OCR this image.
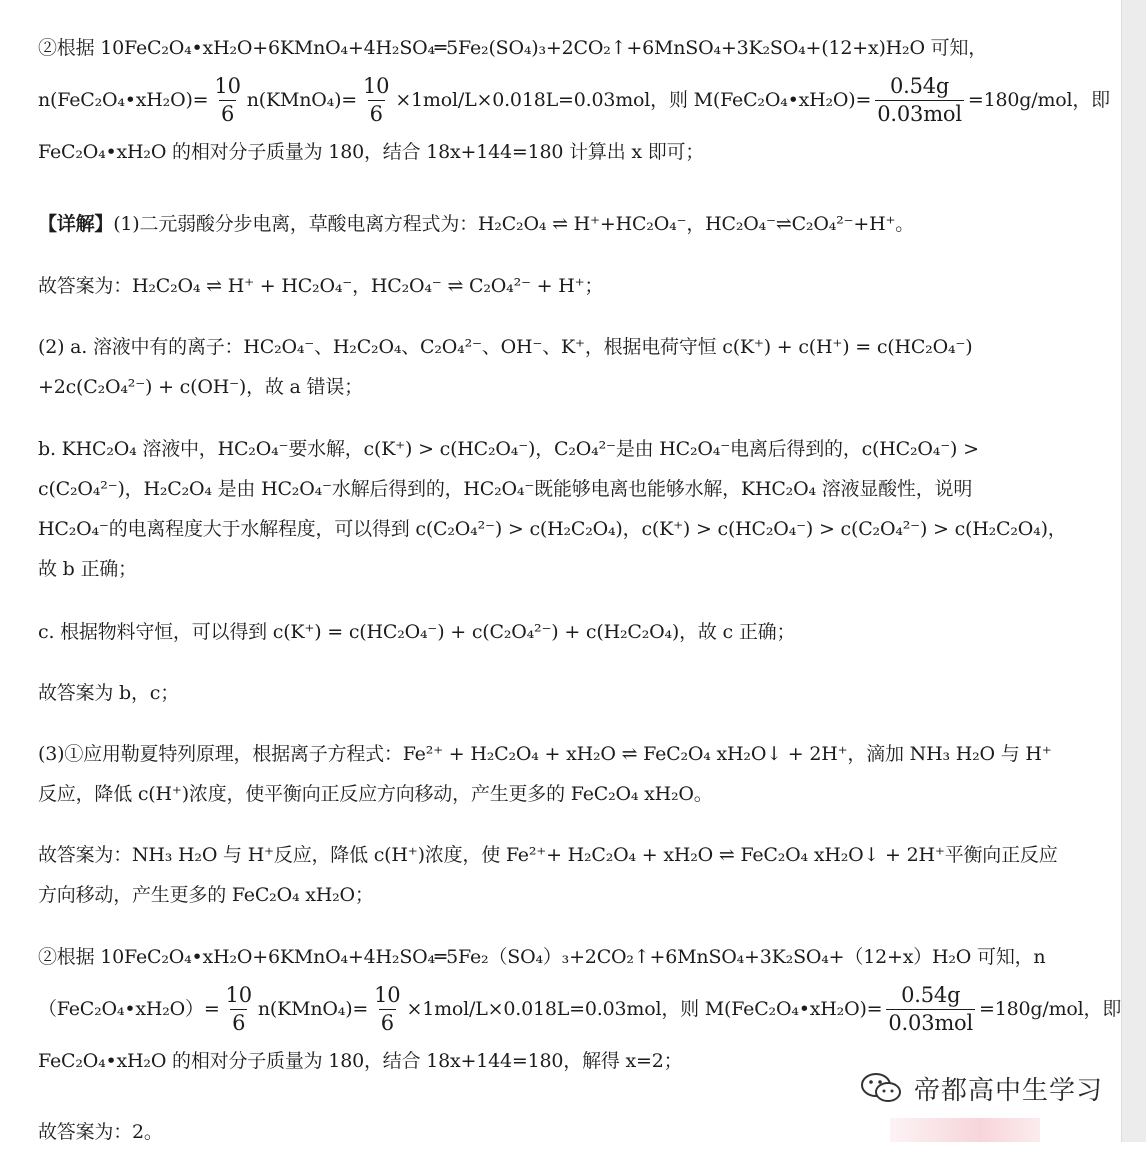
②根据 10FeC₂O₄•xH₂O+6KMnO₄+4H₂SO₄═5Fe₂(SO₄)₃+2CO₂↑+6MnSO₄+3K₂SO₄+(12+x)H₂O 可知，
n(FeC₂O₄•xH₂O)= $\frac{10}{6}$ n(KMnO₄)= $\frac{10}{6} \times 1mol/L\times 0.018L=0.03mol$，则 M(FeC₂O₄•xH₂O)= $\frac{0.54g}{\text{0.03mol}} =180g/mol$，即
FeC₂O₄•xH₂O 的相对分子质量为 180，结合 18x+144=180 计算出 x 即可；
【详解】(1)二元弱酸分步电离，草酸电离方程式为：H₂C₂O₄ ⇌ H⁺+HC₂O₄⁻，HC₂O₄⁻⇌C₂O₄²⁻+H⁺。
故答案为：H₂C₂O₄ ⇌ H⁺ + HC₂O₄⁻，HC₂O₄⁻ ⇌ C₂O₄²⁻ + H⁺；
(2) a. 溶液中有的离子：HC₂O₄⁻、H₂C₂O₄、C₂O₄²⁻、OH⁻、K⁺，根据电荷守恒 c(K⁺) + c(H⁺) = c(HC₂O₄⁻)
+2c(C₂O₄²⁻) + c(OH⁻)，故 a 错误；
b. KHC₂O₄ 溶液中，HC₂O₄⁻要水解，c(K⁺) > c(HC₂O₄⁻)，C₂O₄²⁻是由 HC₂O₄⁻电离后得到的，c(HC₂O₄⁻) >
c(C₂O₄²⁻)，H₂C₂O₄ 是由 HC₂O₄⁻水解后得到的，HC₂O₄⁻既能够电离也能够水解，KHC₂O₄ 溶液显酸性，说明
HC₂O₄⁻的电离程度大于水解程度，可以得到 c(C₂O₄²⁻) > c(H₂C₂O₄)，c(K⁺) > c(HC₂O₄⁻) > c(C₂O₄²⁻) > c(H₂C₂O₄)，
故 b 正确；
c. 根据物料守恒，可以得到 c(K⁺) = c(HC₂O₄⁻) + c(C₂O₄²⁻) + c(H₂C₂O₄)，故 c 正确；
故答案为 b，c；
(3)①应用勒夏特列原理，根据离子方程式：Fe²⁺ + H₂C₂O₄ + xH₂O ⇌ FeC₂O₄ xH₂O↓ + 2H⁺，滴加 NH₃ H₂O 与 H⁺
反应，降低 c(H⁺)浓度，使平衡向正反应方向移动，产生更多的 FeC₂O₄ xH₂O。
故答案为：NH₃ H₂O 与 H⁺反应，降低 c(H⁺)浓度，使 Fe²⁺+ H₂C₂O₄ + xH₂O ⇌ FeC₂O₄ xH₂O↓ + 2H⁺平衡向正反应
方向移动，产生更多的 FeC₂O₄ xH₂O；
②根据 10FeC₂O₄•xH₂O+6KMnO₄+4H₂SO₄═5Fe₂（SO₄）₃+2CO₂↑+6MnSO₄+3K₂SO₄+（12+x）H₂O 可知，n
（FeC₂O₄•xH₂O）= $\frac{10}{6}$ n(KMnO₄)= $\frac{10}{6} \times 1mol/L\times 0.018L=0.03mol$，则 M(FeC₂O₄•xH₂O)= $\frac{0.54g}{\text{0.03mol}} =180g/mol$，即
FeC₂O₄•xH₂O 的相对分子质量为 180，结合 18x+144=180，解得 x=2；
故答案为：2。
帝都高中生学习
